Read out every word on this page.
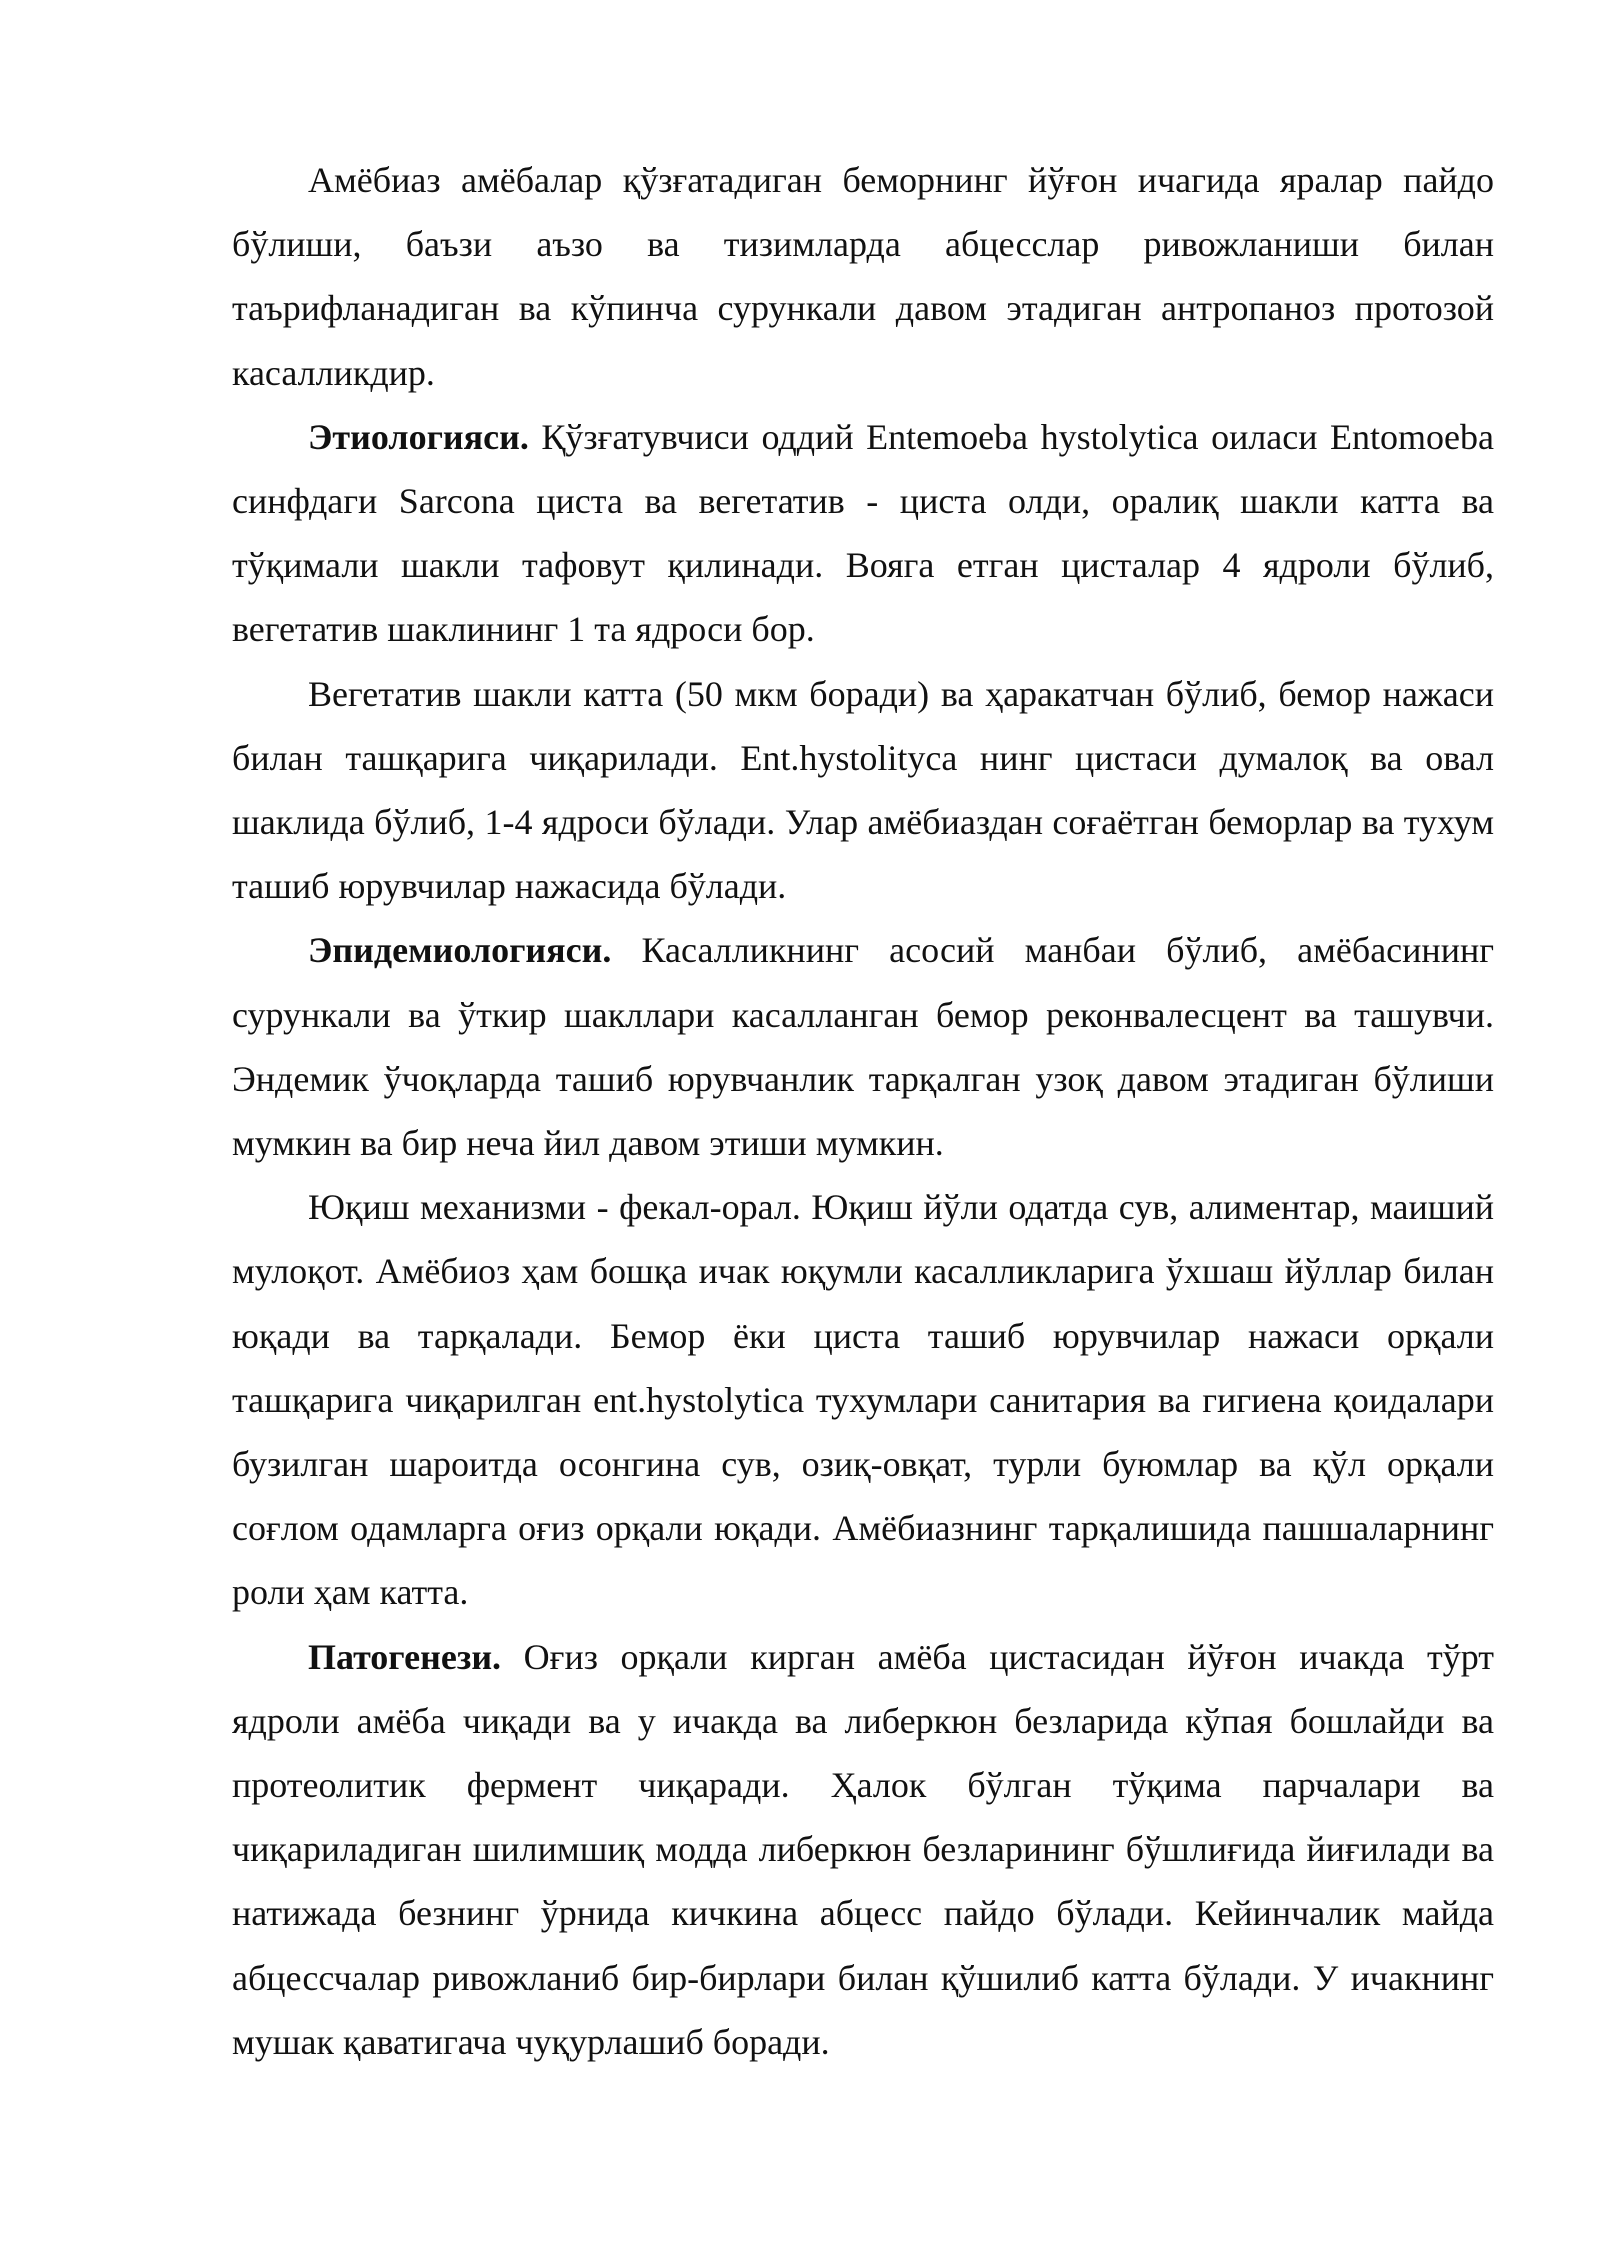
Амёбиаз амёбалар қўзғатадиган беморнинг йўғон ичагида яралар пайдо бўлиши, баъзи аъзо ва тизимларда абцесслар ривожланиши билан таърифланадиган ва кўпинча сурункали давом этадиган антропаноз протозой касалликдир.

Этиологияси. Қўзғатувчиси оддий Entemoeba hystolytica оиласи Entomoeba синфдаги Sarcona циста ва вегетатив - циста олди, оралиқ шакли катта ва тўқимали шакли тафовут қилинади. Вояга етган цисталар 4 ядроли бўлиб, вегетатив шаклининг 1 та ядроси бор.

Вегетатив шакли катта (50 мкм боради) ва ҳаракатчан бўлиб, бемор нажаси билан ташқарига чиқарилади. Ent.hystolityca нинг цистаси думалоқ ва овал шаклида бўлиб, 1-4 ядроси бўлади. Улар амёбиаздан соғаётган беморлар ва тухум ташиб юрувчилар нажасида бўлади.

Эпидемиологияси. Касалликнинг асосий манбаи бўлиб, амёбасининг сурункали ва ўткир шакллари касалланган бемор реконвалесцент ва ташувчи. Эндемик ўчоқларда ташиб юрувчанлик тарқалган узоқ давом этадиган бўлиши мумкин ва бир неча йил давом этиши мумкин.

Юқиш механизми - фекал-орал. Юқиш йўли одатда сув, алиментар, маиший мулоқот. Амёбиоз ҳам бошқа ичак юқумли касалликларига ўхшаш йўллар билан юқади ва тарқалади. Бемор ёки циста ташиб юрувчилар нажаси орқали ташқарига чиқарилган ent.hystolytica тухумлари санитария ва гигиена қоидалари бузилган шароитда осонгина сув, озиқ-овқат, турли буюмлар ва қўл орқали соғлом одамларга оғиз орқали юқади. Амёбиазнинг тарқалишида пашшаларнинг роли ҳам катта.

Патогенези. Оғиз орқали кирган амёба цистасидан йўғон ичакда тўрт ядроли амёба чиқади ва у ичакда ва либеркюн безларида кўпая бошлайди ва протеолитик фермент чиқаради. Ҳалок бўлган тўқима парчалари ва чиқариладиган шилимшиқ модда либеркюн безларининг бўшлиғида йиғилади ва натижада безнинг ўрнида кичкина абцесс пайдо бўлади. Кейинчалик майда абцессчалар ривожланиб бир-бирлари билан қўшилиб катта бўлади. У ичакнинг мушак қаватигача чуқурлашиб боради.
